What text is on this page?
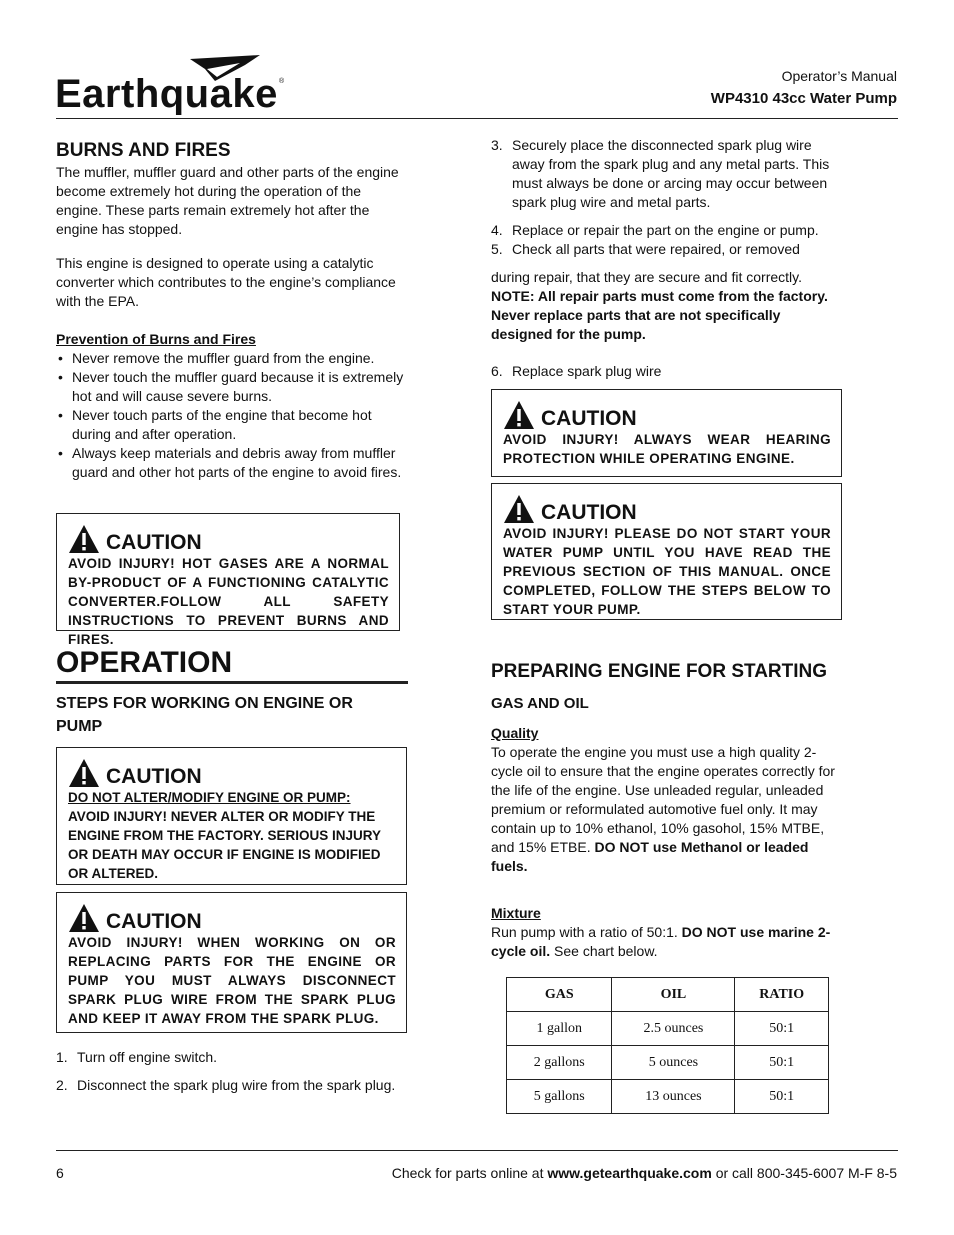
Earthquake ®	Operator’s Manual
WP4310 43cc Water Pump
BURNS AND FIRES

The muffler, muffler guard and other parts of the engine become extremely hot during the operation of the engine. These parts remain extremely hot after the engine has stopped.

This engine is designed to operate using a catalytic converter which contributes to the engine’s compliance with the EPA.

Prevention of Burns and Fires

• Never remove the muffler guard from the engine.
• Never touch the muffler guard because it is extremely hot and will cause severe burns.
• Never touch parts of the engine that become hot during and after operation.
• Always keep materials and debris away from muffler guard and other hot parts of the engine to avoid fires.
CAUTION
AVOID INJURY! HOT GASES ARE A NORMAL BY-PRODUCT OF A FUNCTIONING CATALYTIC CONVERTER.FOLLOW ALL SAFETY INSTRUCTIONS TO PREVENT BURNS AND FIRES.
OPERATION
STEPS FOR WORKING ON ENGINE OR PUMP
CAUTION
DO NOT ALTER/MODIFY ENGINE OR PUMP:
AVOID INJURY! NEVER ALTER OR MODIFY THE ENGINE FROM THE FACTORY. SERIOUS INJURY OR DEATH MAY OCCUR IF ENGINE IS MODIFIED OR ALTERED.
CAUTION
AVOID INJURY! WHEN WORKING ON OR REPLACING PARTS FOR THE ENGINE OR PUMP YOU MUST ALWAYS DISCONNECT SPARK PLUG WIRE FROM THE SPARK PLUG AND KEEP IT AWAY FROM THE SPARK PLUG.
1. Turn off engine switch.
2. Disconnect the spark plug wire from the spark plug.
3. Securely place the disconnected spark plug wire away from the spark plug and any metal parts. This must always be done or arcing may occur between spark plug wire and metal parts.
4. Replace or repair the part on the engine or pump.
5. Check all parts that were repaired, or removed

during repair, that they are secure and fit correctly.

NOTE: All repair parts must come from the factory. Never replace parts that are not specifically designed for the pump.

6. Replace spark plug wire
CAUTION
AVOID INJURY! ALWAYS WEAR HEARING PROTECTION WHILE OPERATING ENGINE.
CAUTION
AVOID INJURY! PLEASE DO NOT START YOUR WATER PUMP UNTIL YOU HAVE READ THE PREVIOUS SECTION OF THIS MANUAL. ONCE COMPLETED, FOLLOW THE STEPS BELOW TO START YOUR PUMP.
PREPARING ENGINE FOR STARTING
GAS AND OIL

Quality

To operate the engine you must use a high quality 2-cycle oil to ensure that the engine operates correctly for the life of the engine. Use unleaded regular, unleaded premium or reformulated automotive fuel only. It may contain up to 10% ethanol, 10% gasohol, 15% MTBE, and 15% ETBE. DO NOT use Methanol or leaded fuels.

Mixture

Run pump with a ratio of 50:1. DO NOT use marine 2-cycle oil. See chart below.

GAS	OIL	RATIO
1 gallon	2.5 ounces	50:1
2 gallons	5 ounces	50:1
5 gallons	13 ounces	50:1
6	Check for parts online at www.getearthquake.com or call 800-345-6007 M-F 8-5
